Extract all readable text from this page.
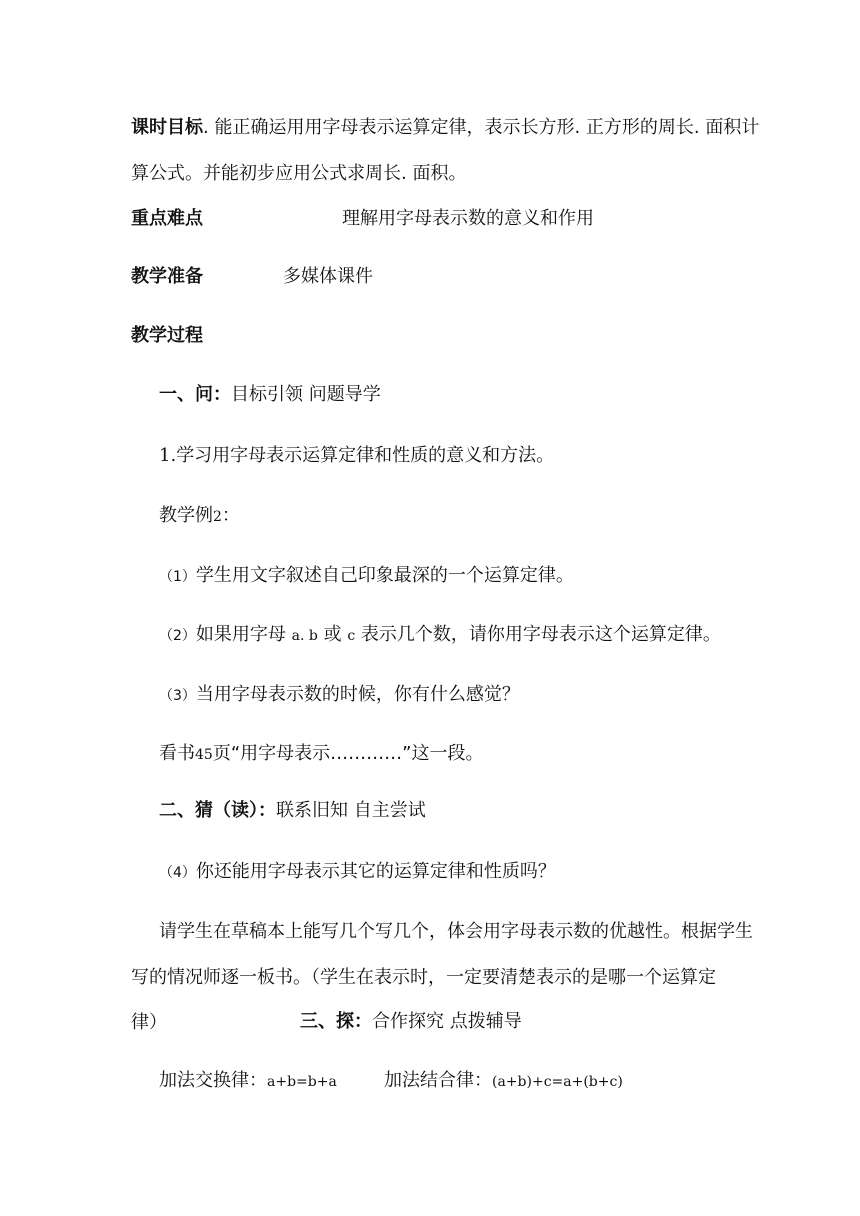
课时目标. 能正确运用用字母表示运算定律，表示长方形. 正方形的周长. 面积计
算公式。并能初步应用公式求周长. 面积。
重点难点	理解用字母表示数的意义和作用
教学准备	多媒体课件
教学过程
一、问：目标引领 问题导学
1.学习用字母表示运算定律和性质的意义和方法。
教学例2：
（1）学生用文字叙述自己印象最深的一个运算定律。
（2）如果用字母 a. b 或 c 表示几个数，请你用字母表示这个运算定律。
（3）当用字母表示数的时候，你有什么感觉？
看书45页“用字母表示…………”这一段。
二、猜（读）：联系旧知 自主尝试
（4）你还能用字母表示其它的运算定律和性质吗？
请学生在草稿本上能写几个写几个，体会用字母表示数的优越性。根据学生
写的情况师逐一板书。（学生在表示时，一定要清楚表示的是哪一个运算定
律）	三、探：合作探究 点拨辅导
加法交换律：a+b=b+a	加法结合律：(a+b)+c=a+(b+c)
